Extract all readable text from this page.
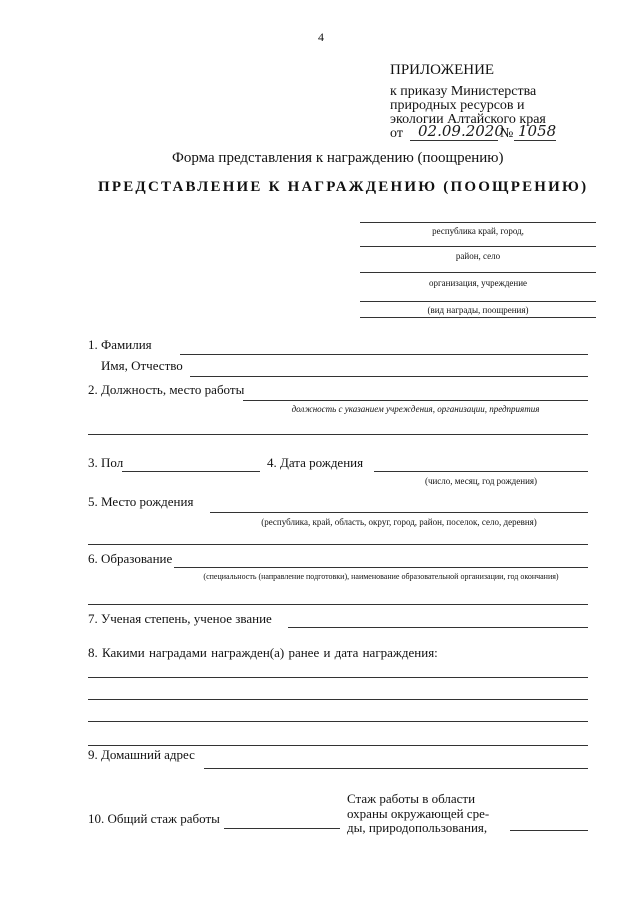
4
ПРИЛОЖЕНИЕ
к приказу Министерства
природных ресурсов и
экологии Алтайского края
от 02.09.2020
№ 1058
Форма представления к награждению (поощрению)
ПРЕДСТАВЛЕНИЕ К НАГРАЖДЕНИЮ (ПООЩРЕНИЮ)
республика край, город,
район, село
организация, учреждение
(вид награды, поощрения)
1. Фамилия
Имя, Отчество
2. Должность, место работы
должность с указанием учреждения, организации, предприятия
3. Пол	4. Дата рождения
(число, месяц, год рождения)
5. Место рождения
(республика, край, область, округ, город, район, поселок, село, деревня)
6. Образование
(специальность (направление подготовки), наименование образовательной организации, год окончания)
7. Ученая степень, ученое звание
8. Какими наградами награжден(а) ранее и дата награждения:
9. Домашний адрес
10. Общий стаж работы
Стаж работы в области
охраны окружающей сре-
ды, природопользования,
